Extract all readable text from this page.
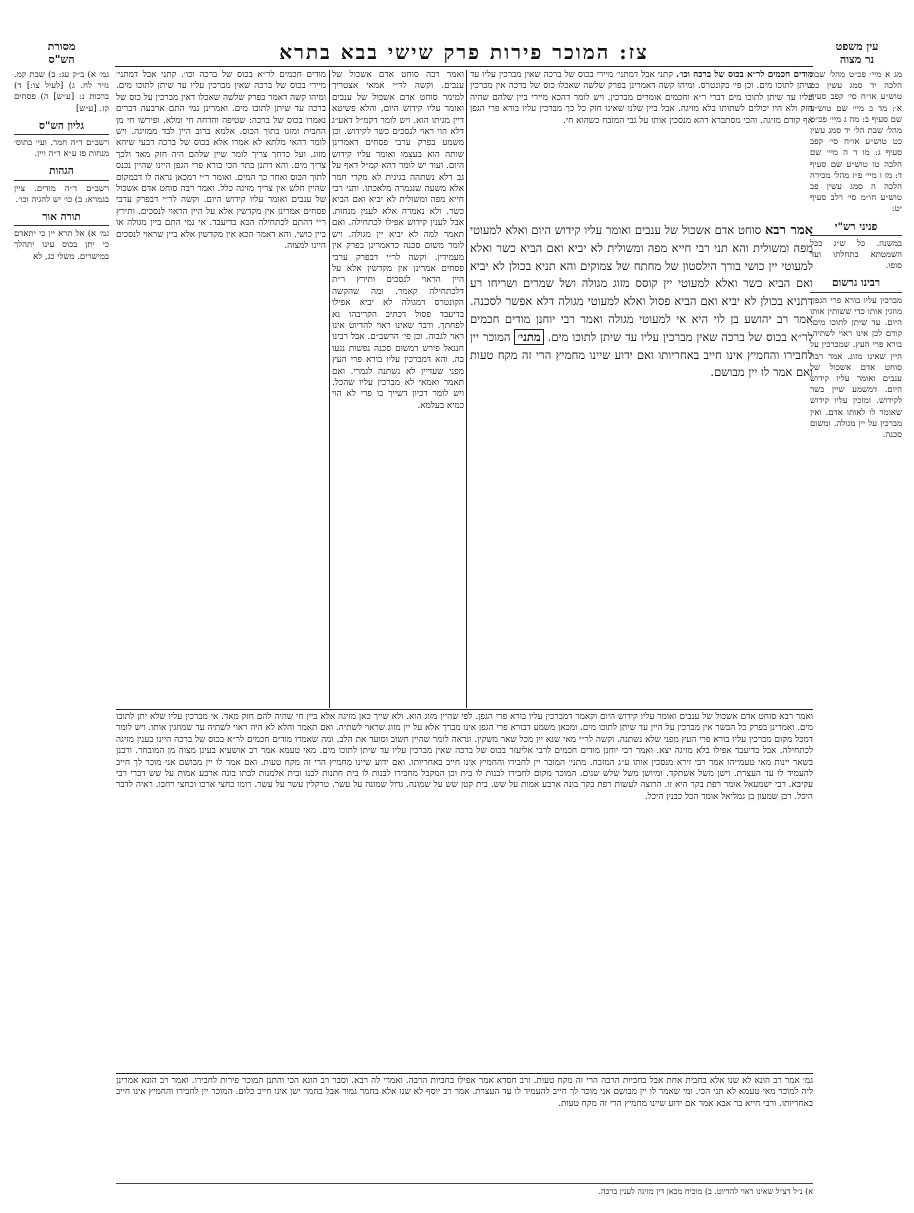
מסורת
הש"ס	צז: המוכר פירות פרק שישי בבא בתרא	עין משפט
נר מצוה

מג א מיי׳ פכ״ט מהל׳ שבת הלכה יד סמג עשין כט טוש״ע או״ח סי׳ קפב סעיף א׳: מד ב מיי׳ שם טוש״ע שם סעיף ב: מה ג מיי׳ פכ״ט מהל׳ שבת הל׳ יד סמג עשין כט טוש״ע או״ח סי׳ קפב סעיף ג: מו ד ה מיי׳ שם הלכה טו טוש״ע שם סעיף ד: מז ו מיי׳ פ״ז מהל׳ מכירה הלכה ה סמג עשין פב טוש״ע חו״מ סי׳ רלב סעיף יט:

פניני רש"י

במשנה. כל ש״ג בכל השמטתא בתחלתו ועד סופו.

רבינו גרשום

מברכין עליו בורא פרי הגפן. מוזגין אותו כדי ששותין אותו היום. עד שיתן לתוכו מים. קודם לכן אינו ראוי לשתיה. בורא פרי העץ. שמברכין על היין שאינו מזוג. אמר רבה סוחט אדם אשכול של ענבים ואומר עליו קידוש היום. דמשמע שיין כשר לקידוש. ומזכין עליו קידוש שאומר לו לאותו אדם. ואין מברכין על יין מגולה. ומשום סכנה.

גמ׳ א) ב״ק עג: ב) שבת קמ. נזיר לח. ג) [לעיל צו:] ד) ברכות נ: [ע״ש] ה) פסחים קז. [ע״ש]

גליון הש"ס

רשב״ם ד״ה חמר. ועי׳ בתוס׳ מנחות פז ע״א ד״ה ויין.

הגהות

רשב״ם ד״ה מודים. ציין בגמרא: ב) כו׳ יש להגיה וכו׳.

תורה אור

גמ׳ א) אל תרא יין כי יתאדם כי יתן בכוס עינו יתהלך במישרים. משלי כג, לא

מודים חכמים לר״א בכוס של ברכה וכו׳. קתני אבל דמתני׳ מיירי בכוס של ברכה שאין מברכין עליו עד שיתן לתוכו מים. ומיהו קשה דאמר בפרק שלשה שאכלו דאין מברכין על כוס של ברכה עד שיתן לתוכו מים. ואמרינן נמי התם ארבעה דברים נאמרו בכוס של ברכה: שטיפה והדחה חי ומלא. ופירשו חי מן החבית ומזגו בתוך הכוס. אלמא ברוב היין לבד ממזיגה. ויש לומר דהאי מלתא לא אמרו אלא בכוס של ברכה דבעי שיהא מזוג. ועל כרחך צריך לומר שיין שלהם היה חזק מאד ולכך צריך מים. והא דתנן בתר הכי בורא פרי הגפן היינו שהיין נכנס לתוך הכוס ואחר כך המים. ואומר ר״י דמכאן נראה לו דבמקום שהיין חלש אין צריך מזיגה כלל. ואמר רבה סוחט אדם אשכול של ענבים ואומר עליו קידוש היום. וקשה לר״י דבפרק ערבי פסחים אמרינן אין מקדשין אלא על היין הראוי לנסכים. ותירץ ר״י דהתם לכתחילה הכא בדיעבד. אי נמי התם ביין מגולה או ביין כושי. והא דאמר הכא אין מקדשין אלא ביין שראוי לנסכים היינו למצוה.

מודים חכמים לר״א בכוס של ברכה וכו׳. קתני אבל דמתני׳ מיירי בכוס של ברכה שאין מברכין עליו עד שיתן לתוכו מים. וכן פי׳ בקונטרס. ומיהו קשה דאמרינן בפרק שלשה שאכלו כוס של ברכה אין מברכין עליו עד שיתן לתוכו מים דברי ר״א וחכמים אומרים מברכין. ויש לומר דהכא מיירי ביין שלהם שהיה חזק ולא היו יכולים לשתותו בלא מזיגה. אבל ביין שלנו שאינו חזק כל כך מברכין עליו בורא פרי הגפן אף קודם מזיגה. והכי מסתברא דהא מנסכין אותו על גבי המזבח כשהוא חי.

ואמר רבה סוחט אדם אשכול של ענבים. וקשה לר״י אמאי אצטריך למימר סוחט אדם אשכול של ענבים ואומר עליו קידוש היום, והלא פשיטא דיין מגיתו הוא. ויש לומר דקמ״ל דאע״ג דלא הוי ראוי לנסכים כשר לקידוש. וכן משמע בפרק ערבי פסחים דאמרינן שותה הוא בעצמו ואומר עליו קידוש היום. ועוד יש לומר דהא קמ״ל דאף על גב דלא נשתהה בגיגית לא מקרי חמר אלא משעה שנגמרה מלאכתו. ותני רבי חייא מפה ומשולית לא יביא ואם הביא כשר. ולא נאמרה אלא לענין מנחות. אבל לענין קידוש אפילו לכתחילה. ואם תאמר למה לא יביא יין מגולה. ויש לומר משום סכנה כדאמרינן בפרק אין מעמידין. וקשה לר״י דבפרק ערבי פסחים אמרינן אין מקדשין אלא על היין הראוי לנסכים ותירץ ר״ת דלכתחילה קאמר. ומה שהקשה הקונטרס דמגולה לא יביא אפילו בדיעבד פסול דכתיב הקריבהו נא לפחתך. ודבר שאינו ראוי להדיוט אינו ראוי לגבוה. וכן פי׳ הרשב״ם. אבל רבינו חננאל פירש דמשום סכנה נפשות נגעו בה. והא דמברכין עליו בורא פרי העץ מפני שעדיין לא נשתנה לגמרי. ואם תאמר ואמאי לא מברכין עליו שהכל. ויש לומר דכיון דשייך בו פרי לא הוי כמיא בעלמא.

אמר רבא סוחט אדם אשכול של ענבים ואומר עליו קידוש היום ואלא למעוטי מפה ומשולית והא תני רבי חייא מפה ומשולית לא יביא ואם הביא כשר ואלא למעוטי יין כושי בורך הילסטון של מחתח של צמוקים והא תניא בכולן לא יביא ואם הביא כשר ואלא למעוטי יין קוסס מזוג מגולה ושל שמרים ושריחו רע דתניא בכולן לא יביא ואם הביא פסול ואלא למעוטי מגולה דלא אפשר לסכנה. אמר רב יהושע בן לוי היא אי למעוטי מגולה ואמר רבי יוחנן מודים חכמים לר״א בכוס של ברכה שאין מברכין עליו עד שיתן לתוכו מים. מתני׳ המוכר יין לחבירו והחמיץ אינו חייב באחריותו ואם ידוע שיינו מחמיץ הרי זה מקח טעות ואם אמר לו יין מבושם.

ואמר רבא סוחט אדם אשכול של ענבים ואומר עליו קידוש היום וקאמר דמברכין עליו בורא פרי הגפן. לפי שהיין מזוג הוא. ולא שייך כאן מזיגה אלא ביין חי שהיה להם חזק מאד. אי מברכין עליו שלא יתן לתוכו מים. ואמרינן בפרק כל הבשר אין מברכין על היין עד שיתן לתוכו מים. ומכאן משמע דבורא פרי הגפן אינו מברך אלא על יין מזוג שראוי לשתיה. ואם תאמר והלא לא היה ראוי לשתיה עד שמוזגין אותו. ויש לומר דמכל מקום מברכין עליו בורא פרי העץ מפני שלא נשתנה. וקשה לר״י מאי שנא יין מכל שאר משקין. ונראה לומר שהיין חשוב וסועד את הלב. ומה שאמרו מודים חכמים לר״א בכוס של ברכה היינו בענין מזיגה לכתחילה. אבל בדיעבד אפילו בלא מזיגה יצא. ואמר רבי יוחנן מודים חכמים לרבי אליעזר בכוס של ברכה שאין מברכין עליו עד שיתן לתוכו מים. מאי טעמא אמר רב אושעיא בעינן מצוה מן המובחר. ורבנן בשאר יינות מאי טעמייהו אמר רבי זירא מנסכין אותו ע״ג המזבח. מתני׳ המוכר יין לחבירו והחמיץ אינו חייב באחריותו. ואם ידוע שיינו מחמיץ הרי זה מקח טעות. ואם אמר לו יין מבושם אני מוכר לך חייב להעמיד לו עד העצרת. וישן משל אשתקד. ומיושן משל שלש שנים. המוכר מקום לחבירו לבנות לו בית וכן המקבל מחבירו לבנות לו בית חתנות לבנו ובית אלמנות לבתו בונה ארבע אמות על שש דברי רבי עקיבא. רבי ישמעאל אומר רפת בקר היא זו. הרוצה לעשות רפת בקר בונה ארבע אמות על שש. בית קטן שש על שמונה. גדול שמונה על עשר. טרקלין עשר על עשר. רומו כחצי ארכו וכחצי רחבו. ראיה לדבר היכל. רבן שמעון בן גמליאל אומר הכל כבנין היכל.

גמ׳ אמר רב הונא לא שנו אלא בחבית אחת אבל בחביות הרבה הרי זה מקח טעות. ורב חסדא אמר אפילו בחביות הרבה. ואמרי לה רבא. וסבר רב הונא הכי והתנן המוכר פירות לחבירו. ואמר רב הונא אמרינן ליה למוכר מאי טעמא לא תני הכי. ומי שאמר לו יין מבושם אני מוכר לך חייב להעמיד לו עד העצרת. אמר רב יוסף לא שנו אלא בחמר גמור אבל בחמר ישן אינו חייב כלום. המוכר יין לחבירו והחמיץ אינו חייב באחריותו. ורבי חייא בר אבא אמר אם ידוע שיינו מחמיץ הרי זה מקח טעות.

א) נ״ל דצ״ל שאינו ראוי להדיוט. ב) מוכיח מכאן דין מזיגה לענין ברכה.
